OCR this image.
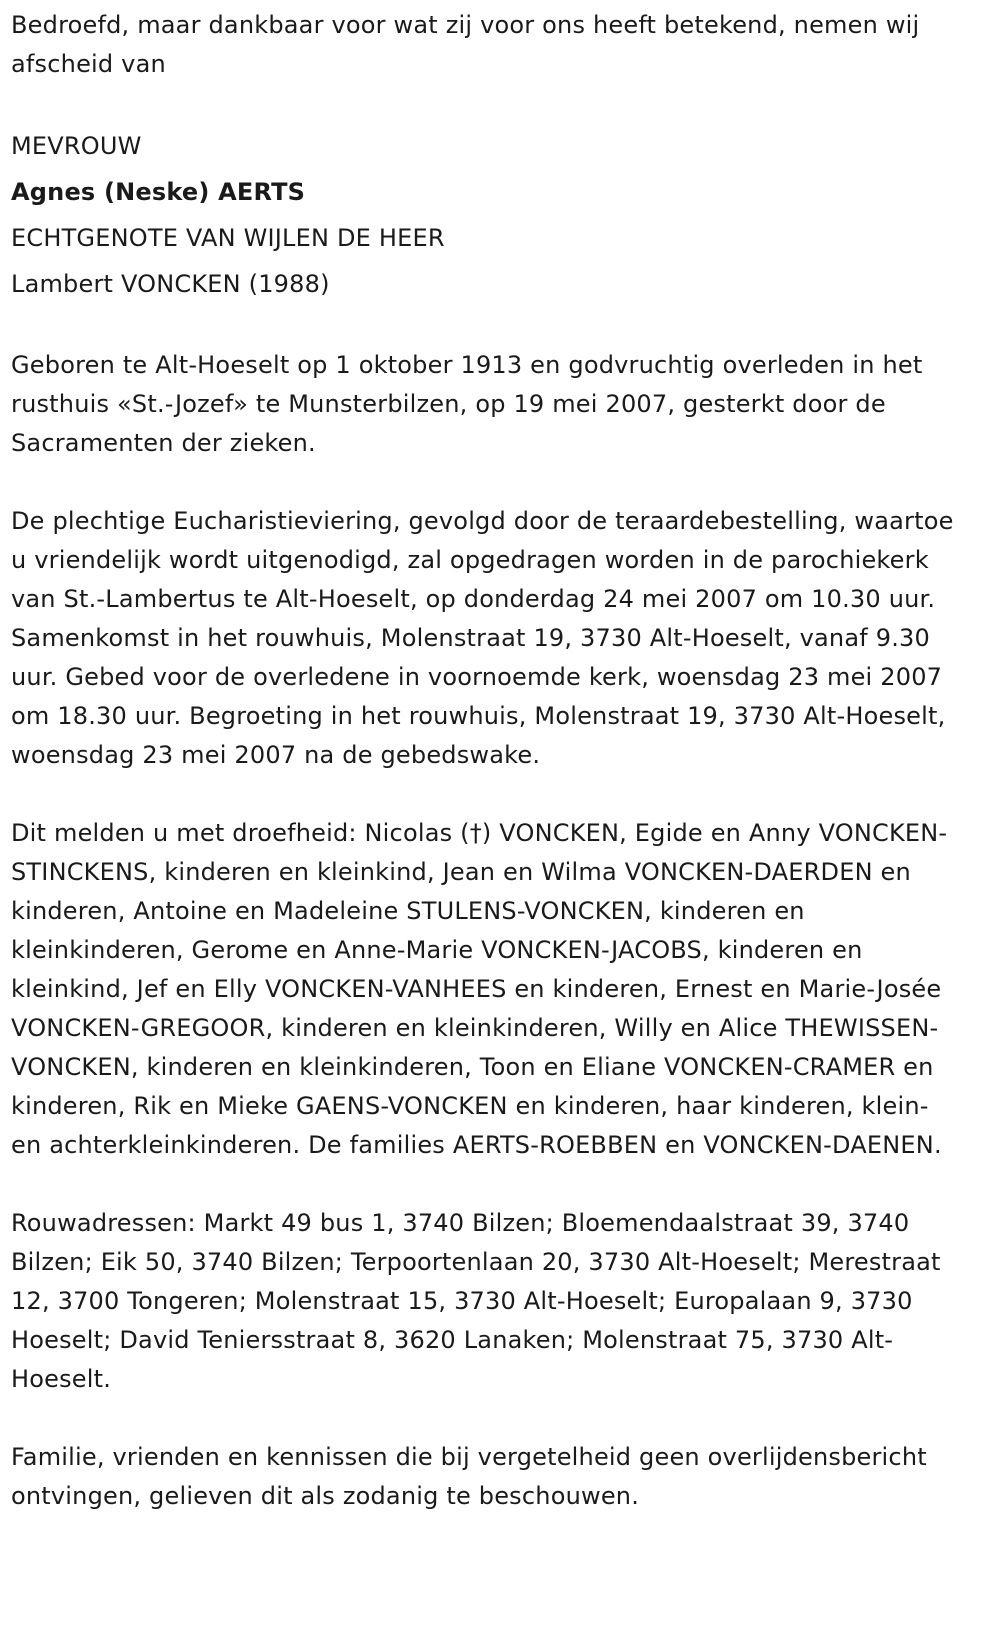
Bedroefd, maar dankbaar voor wat zij voor ons heeft betekend, nemen wij afscheid van

MEVROUW

Agnes (Neske) AERTS

ECHTGENOTE VAN WIJLEN DE HEER

Lambert VONCKEN (1988)

Geboren te Alt-Hoeselt op 1 oktober 1913 en godvruchtig overleden in het rusthuis «St.-Jozef» te Munsterbilzen, op 19 mei 2007, gesterkt door de Sacramenten der zieken.

De plechtige Eucharistieviering, gevolgd door de teraardebestelling, waartoe u vriendelijk wordt uitgenodigd, zal opgedragen worden in de parochiekerk van St.-Lambertus te Alt-Hoeselt, op donderdag 24 mei 2007 om 10.30 uur. Samenkomst in het rouwhuis, Molenstraat 19, 3730 Alt-Hoeselt, vanaf 9.30 uur. Gebed voor de overledene in voornoemde kerk, woensdag 23 mei 2007 om 18.30 uur. Begroeting in het rouwhuis, Molenstraat 19, 3730 Alt-Hoeselt, woensdag 23 mei 2007 na de gebedswake.

Dit melden u met droefheid: Nicolas (†) VONCKEN, Egide en Anny VONCKEN-STINCKENS, kinderen en kleinkind, Jean en Wilma VONCKEN-DAERDEN en kinderen, Antoine en Madeleine STULENS-VONCKEN, kinderen en kleinkinderen, Gerome en Anne-Marie VONCKEN-JACOBS, kinderen en kleinkind, Jef en Elly VONCKEN-VANHEES en kinderen, Ernest en Marie-Josée VONCKEN-GREGOOR, kinderen en kleinkinderen, Willy en Alice THEWISSEN-VONCKEN, kinderen en kleinkinderen, Toon en Eliane VONCKEN-CRAMER en kinderen, Rik en Mieke GAENS-VONCKEN en kinderen, haar kinderen, klein- en achterkleinkinderen. De families AERTS-ROEBBEN en VONCKEN-DAENEN.

Rouwadressen: Markt 49 bus 1, 3740 Bilzen; Bloemendaalstraat 39, 3740 Bilzen; Eik 50, 3740 Bilzen; Terpoortenlaan 20, 3730 Alt-Hoeselt; Merestraat 12, 3700 Tongeren; Molenstraat 15, 3730 Alt-Hoeselt; Europalaan 9, 3730 Hoeselt; David Teniersstraat 8, 3620 Lanaken; Molenstraat 75, 3730 Alt-Hoeselt.

Familie, vrienden en kennissen die bij vergetelheid geen overlijdensbericht ontvingen, gelieven dit als zodanig te beschouwen.
